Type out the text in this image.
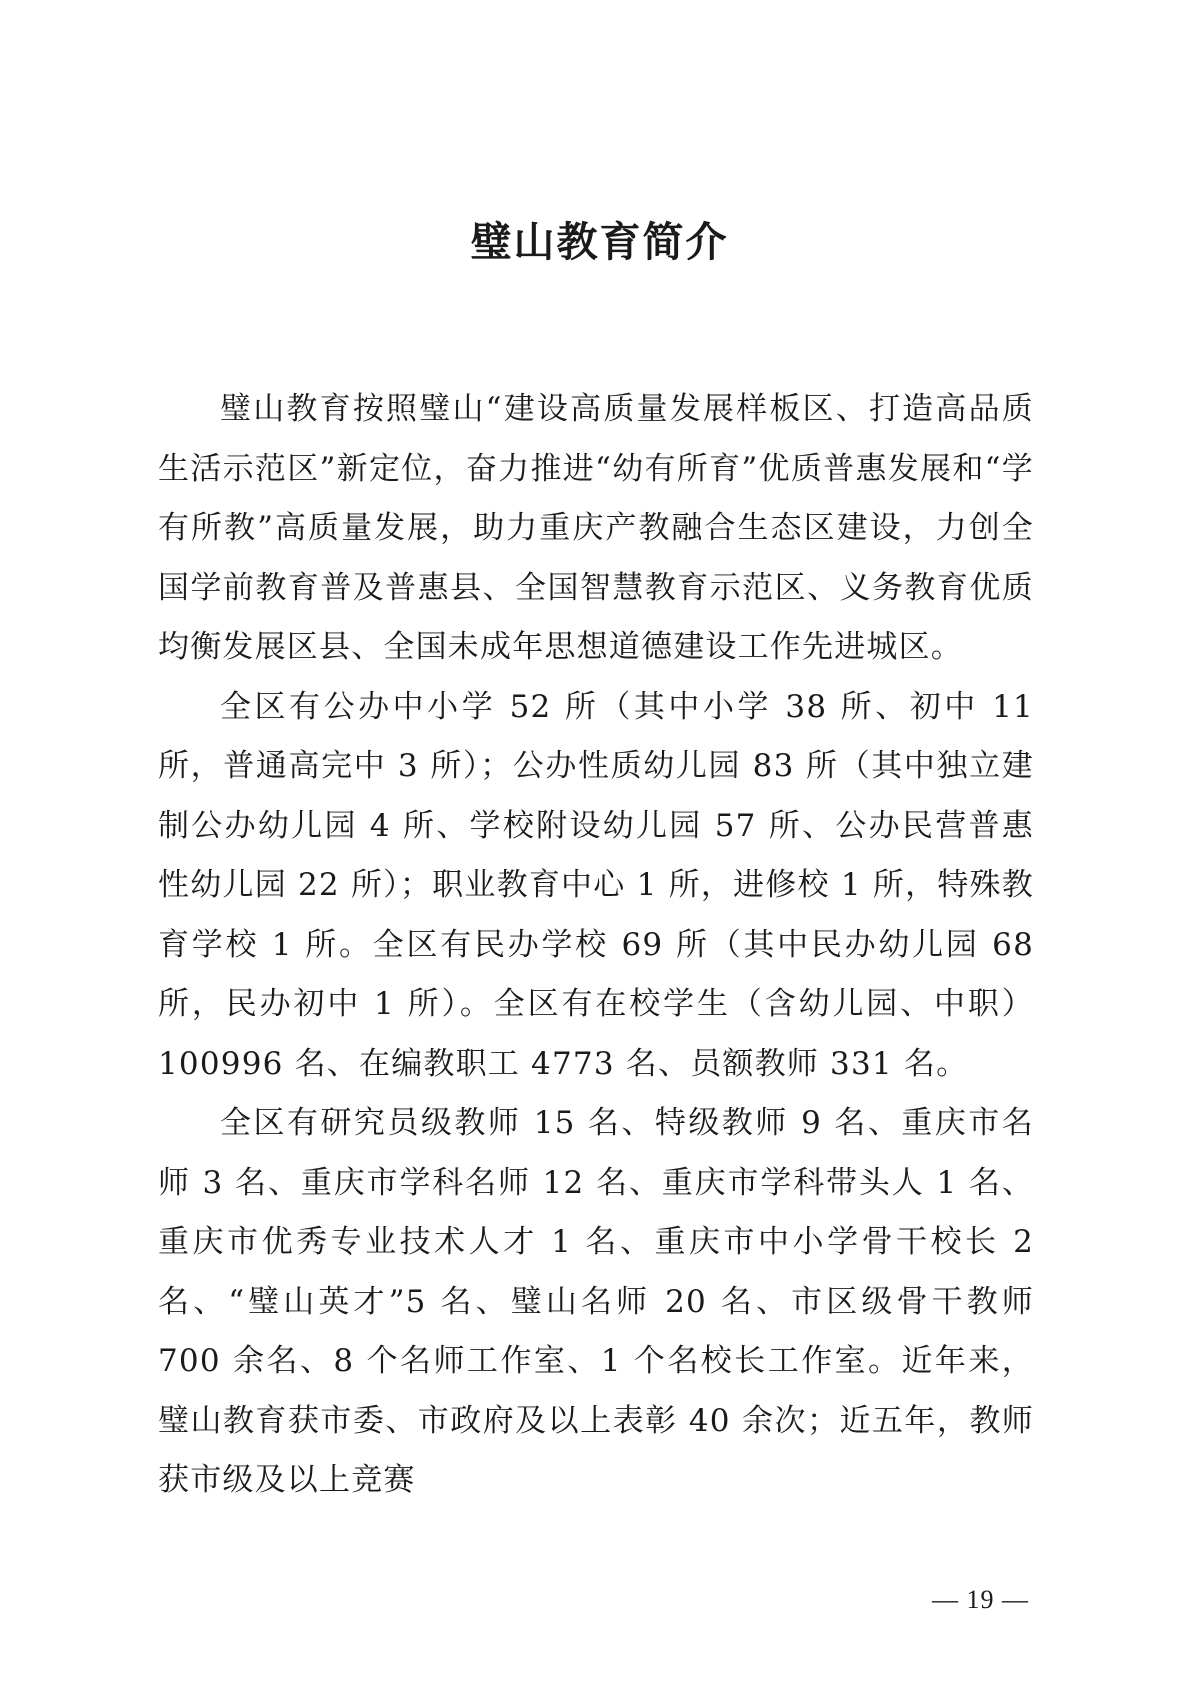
璧山教育简介

璧山教育按照璧山“建设高质量发展样板区、打造高品质生活示范区”新定位，奋力推进“幼有所育”优质普惠发展和“学有所教”高质量发展，助力重庆产教融合生态区建设，力创全国学前教育普及普惠县、全国智慧教育示范区、义务教育优质均衡发展区县、全国未成年思想道德建设工作先进城区。

全区有公办中小学 52 所（其中小学 38 所、初中 11 所，普通高完中 3 所）；公办性质幼儿园 83 所（其中独立建制公办幼儿园 4 所、学校附设幼儿园 57 所、公办民营普惠性幼儿园 22 所）；职业教育中心 1 所，进修校 1 所，特殊教育学校 1 所。全区有民办学校 69 所（其中民办幼儿园 68 所，民办初中 1 所）。全区有在校学生（含幼儿园、中职）100996 名、在编教职工 4773 名、员额教师 331 名。

全区有研究员级教师 15 名、特级教师 9 名、重庆市名师 3 名、重庆市学科名师 12 名、重庆市学科带头人 1 名、重庆市优秀专业技术人才 1 名、重庆市中小学骨干校长 2 名、“璧山英才”5 名、璧山名师 20 名、市区级骨干教师 700 余名、8 个名师工作室、1 个名校长工作室。近年来，璧山教育获市委、市政府及以上表彰 40 余次；近五年，教师获市级及以上竞赛

— 19 —
